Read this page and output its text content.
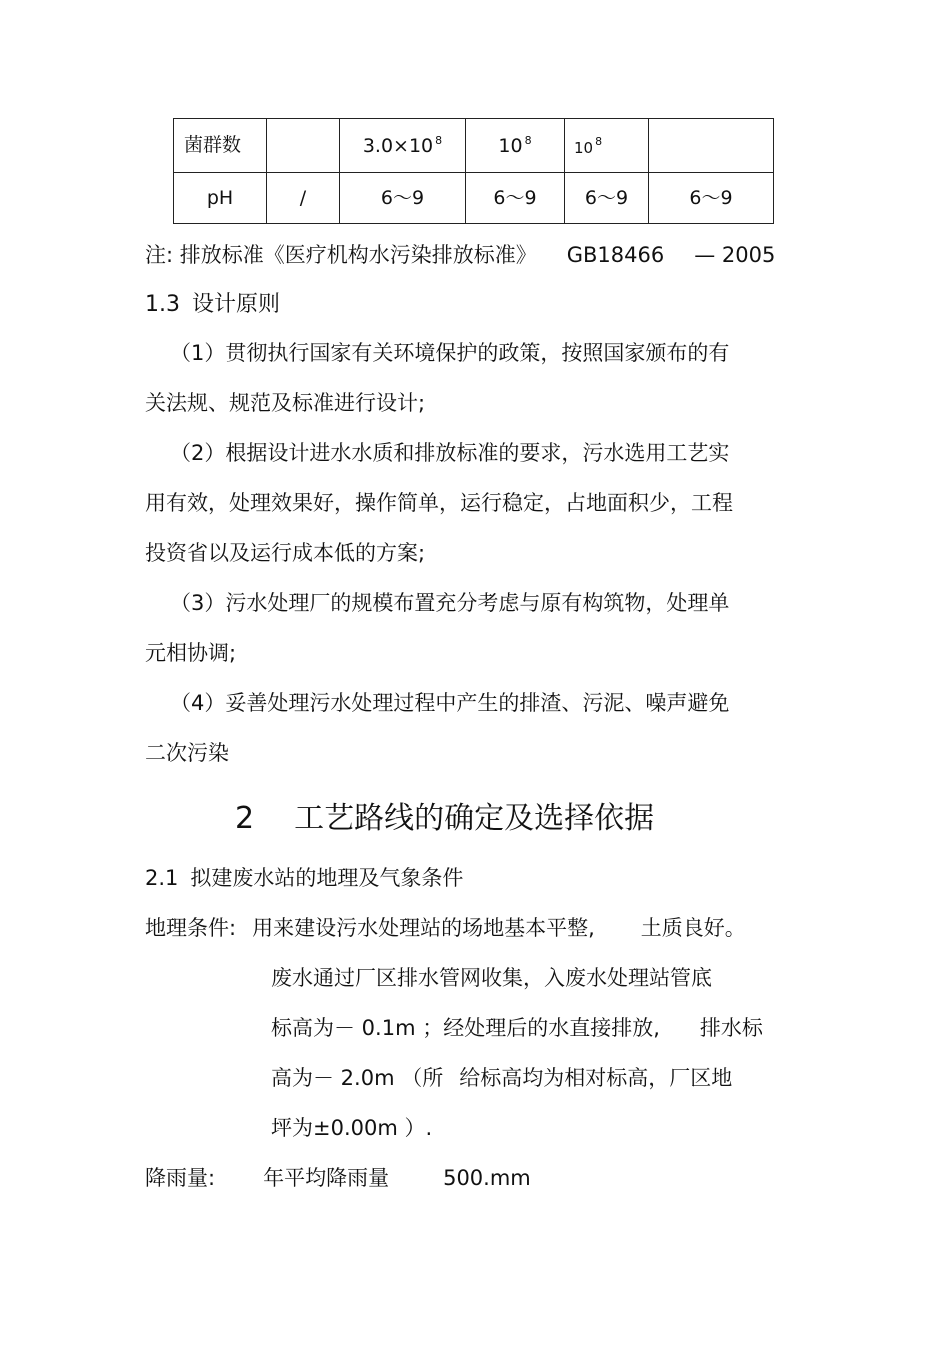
菌群数		3.0×10 $^8$	10 $^8$	10 $^8$	
pH	/	6～9	6～9	6～9	6～9
注: 排放标准《医疗机构水污染排放标准》 GB18466 — 2005
1.3 设计原则
（1）贯彻执行国家有关环境保护的政策，按照国家颁布的有
关法规、规范及标准进行设计;
（2）根据设计进水水质和排放标准的要求，污水选用工艺实
用有效，处理效果好，操作简单，运行稳定，占地面积少，工程
投资省以及运行成本低的方案;
（3）污水处理厂的规模布置充分考虑与原有构筑物，处理单
元相协调;
（4）妥善处理污水处理过程中产生的排渣、污泥、噪声避免
二次污染
2 工艺路线的确定及选择依据
2.1 拟建废水站的地理及气象条件
地理条件: 用来建设污水处理站的场地基本平整, 土质良好。
废水通过厂区排水管网收集，入废水处理站管底
标高为－ 0.1m ；经处理后的水直接排放, 排水标
高为－ 2.0m （所 给标高均为相对标高，厂区地
坪为±0.00m ）.
降雨量: 年平均降雨量	500.mm
